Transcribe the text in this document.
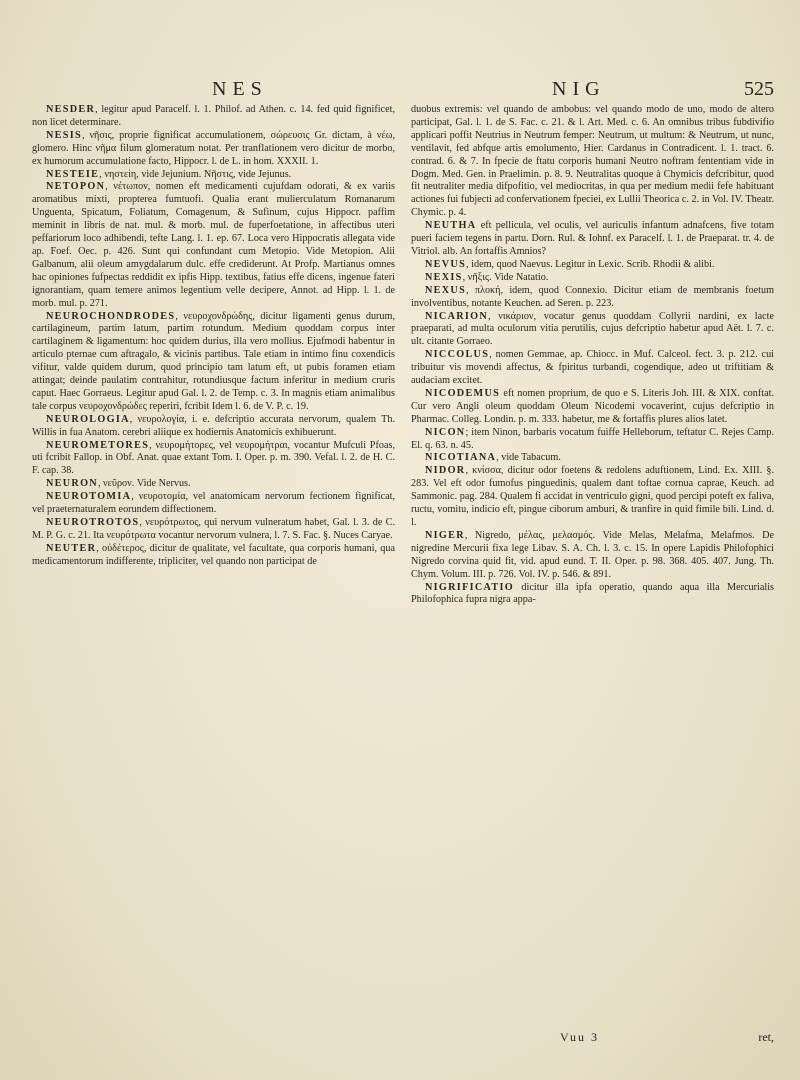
NES	NIG	525

NESDER, legitur apud Paracelf. l. 1. Philof. ad Athen. c. 14. fed quid fignificet, non licet determinare.

NESIS, νῆσις, proprie fignificat accumulationem, σώρευσις Gr. dictam, à νέω, glomero. Hinc νῆμα filum glomeratum notat. Per tranflationem vero dicitur de morbo, ex humorum accumulatione facto, Hippocr. l. de L. in hom. XXXII. 1.

NESTEIE, νηστείη, vide Jejunium. Νῆστις, vide Jejunus.

NETOPON, νέτωπον, nomen eft medicamenti cujufdam odorati, & ex variis aromatibus mixti, propterea fumtuofi. Qualia erant mulierculatum Romanarum Unguenta, Spicatum, Foliatum, Comagenum, & Sufinum, cujus Hippocr. paffim meminit in libris de nat. mul. & morb. mul. de fuperfoetatione, in affectibus uteri peffariorum loco adhibendi, tefte Lang. l. 1. ep. 67. Loca vero Hippocratis allegata vide ap. Foef. Oec. p. 426. Sunt qui confundant cum Metopio. Vide Metopion. Alii Galbanum, alii oleum amygdalarum dulc. effe crediderunt. At Profp. Martianus omnes hac opiniones fufpectas reddidit ex ipfis Hipp. textibus, fatius effe dicens, ingenue fateri ignorantiam, quam temere animos legentium velle decipere, Annot. ad Hipp. l. 1. de morb. mul. p. 271.

NEUROCHONDRODES, νευροχονδρώδης, dicitur ligamenti genus durum, cartilagineum, partim latum, partim rotundum. Medium quoddam corpus inter cartilaginem & ligamentum: hoc quidem durius, illa vero mollius. Ejufmodi habentur in articulo pternae cum aftragalo, & vicinis partibus. Tale etiam in intimo finu coxendicis vifitur, valde quidem durum, quod principio tam latum eft, ut pubis foramen etiam attingat; deinde paulatim contrahitur, rotundiusque factum inferitur in medium cruris caput. Haec Gorraeus. Legitur apud Gal. l. 2. de Temp. c. 3. In magnis etiam animalibus tale corpus νευροχονδρώδες reperiri, fcribit Idem l. 6. de V. P. c. 19.

NEUROLOGIA, νευρολογία, i. e. defcriptio accurata nervorum, qualem Th. Willis in fua Anatom. cerebri aliique ex hodiernis Anatomicis exhibuerunt.

NEUROMETORES, νευρομήτορες, vel νευρομήτραι, vocantur Mufculi Pfoas, uti fcribit Fallop. in Obf. Anat. quae extant Tom. I. Oper. p. m. 390. Vefal. l. 2. de H. C. F. cap. 38.

NEURON, νεῦρον. Vide Nervus.

NEUROTOMIA, νευροτομία, vel anatomicam nervorum fectionem fignificat, vel praeternaturalem eorundem diffectionem.

NEUROTROTOS, νευρότρωτος, qui nervum vulneratum habet, Gal. l. 3. de C. M. P. G. c. 21. Ita νευρότρωτα vocantur nervorum vulnera, l. 7. S. Fac. §. Nuces Caryae.

NEUTER, οὐδέτερος, dicitur de qualitate, vel facultate, qua corporis humani, qua medicamentorum indifferente, tripliciter, vel quando non participat de

duobus extremis: vel quando de ambobus: vel quando modo de uno, modo de altero participat, Gal. l. 1. de S. Fac. c. 21. & l. Art. Med. c. 6. An omnibus tribus fubdivifio applicari poffit Neutrius in Neutrum femper: Neutrum, ut multum: & Neutrum, ut nunc, ventilavit, fed abfque artis emolumento, Hier. Cardanus in Contradicent. l. 1. tract. 6. contrad. 6. & 7. In fpecie de ftatu corporis humani Neutro noftram fententiam vide in Dogm. Med. Gen. in Praelimin. p. 8. 9. Neutralitas quoque à Chymicis defcribitur, quod fit neutraliter media difpofitio, vel mediocritas, in qua per medium medii fefe habituant actiones fui fubjecti ad confervationem fpeciei, ex Lullii Theorica c. 2. in Vol. IV. Theatr. Chymic. p. 4.

NEUTHA eft pellicula, vel oculis, vel auriculis infantum adnafcens, five totam pueri faciem tegens in partu. Dorn. Rul. & Iohnf. ex Paracelf. l. 1. de Praeparat. tr. 4. de Vitriol. alb. An fortaffis Amnios?

NEVUS, idem, quod Naevus. Legitur in Lexic. Scrib. Rhodii & alibi.

NEXIS, νῆξις. Vide Natatio.

NEXUS, πλοκή, idem, quod Connexio. Dicitur etiam de membranis foetum involventibus, notante Keuchen. ad Seren. p. 223.

NICARION, νικάριον, vocatur genus quoddam Collyrii nardini, ex lacte praeparati, ad multa oculorum vitia perutilis, cujus defcriptio habetur apud Aët. l. 7. c. ult. citante Gorraeo.

NICCOLUS, nomen Gemmae, ap. Chiocc. in Muf. Calceol. fect. 3. p. 212. cui tribuitur vis movendi affectus, & fpiritus turbandi, cogendique, adeo ut triftitiam & audaciam excitet.

NICODEMUS eft nomen proprium, de quo e S. Literis Joh. III. & XIX. conftat. Cur vero Angli oleum quoddam Oleum Nicodemi vocaverint, cujus defcriptio in Pharmac. Colleg. Londin. p. m. 333. habetur, me & fortaffis plures alios latet.

NICON; item Ninon, barbaris vocatum fuiffe Helleborum, teftatur C. Rejes Camp. El. q. 63. n. 45.

NICOTIANA, vide Tabacum.

NIDOR, κνίσσα, dicitur odor foetens & redolens aduftionem, Lind. Ex. XIII. §. 283. Vel eft odor fumofus pinguedinis, qualem dant toftae cornua caprae, Keuch. ad Sammonic. pag. 284. Qualem fi accidat in ventriculo gigni, quod percipi poteft ex faliva, ructu, vomitu, indicio eft, pingue ciborum amburi, & tranfire in quid fimile bili. Lind. d. l.

NIGER, Nigredo, μέλας, μελασμός. Vide Melas, Melafma, Melafmos. De nigredine Mercurii fixa lege Libav. S. A. Ch. l. 3. c. 15. In opere Lapidis Philofophici Nigredo corvina quid fit, vid. apud eund. T. II. Oper. p. 98. 368. 405. 407. Jung. Th. Chym. Volum. III. p. 726. Vol. IV. p. 546. & 891.

NIGRIFICATIO dicitur illa ipfa operatio, quando aqua illa Mercurialis Philofophica fupra nigra appa-

Vuu 3	ret,
